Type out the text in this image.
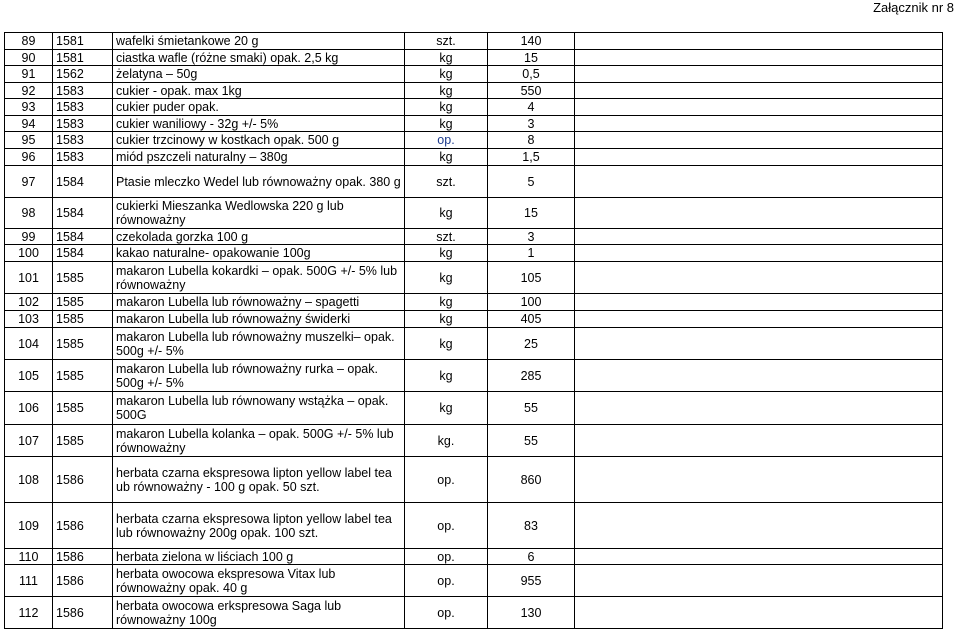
Załącznik nr 8
89	1581	wafelki śmietankowe 20 g	szt.	140	
90	1581	ciastka wafle (różne smaki) opak. 2,5 kg	kg	15	
91	1562	żelatyna – 50g	kg	0,5	
92	1583	cukier - opak. max 1kg	kg	550	
93	1583	cukier puder opak.	kg	4	
94	1583	cukier waniliowy - 32g +/- 5%	kg	3	
95	1583	cukier trzcinowy w kostkach opak. 500 g	op.	8	
96	1583	miód pszczeli naturalny – 380g	kg	1,5	
97	1584	Ptasie mleczko Wedel lub równoważny opak. 380 g	szt.	5	
98	1584	cukierki Mieszanka Wedlowska 220 g lub równoważny	kg	15	
99	1584	czekolada gorzka 100 g	szt.	3	
100	1584	kakao naturalne- opakowanie 100g	kg	1	
101	1585	makaron Lubella kokardki – opak. 500G +/- 5% lub równoważny	kg	105	
102	1585	makaron Lubella lub równoważny – spagetti	kg	100	
103	1585	makaron Lubella lub równoważny świderki	kg	405	
104	1585	makaron Lubella lub równoważny muszelki– opak. 500g +/- 5%	kg	25	
105	1585	makaron Lubella lub równoważny rurka – opak. 500g +/- 5%	kg	285	
106	1585	makaron Lubella lub równowany wstążka – opak. 500G	kg	55	
107	1585	makaron Lubella kolanka – opak. 500G +/- 5% lub równoważny	kg.	55	
108	1586	herbata czarna ekspresowa lipton yellow label tea ub równoważny - 100 g opak. 50 szt.	op.	860	
109	1586	herbata czarna ekspresowa lipton yellow label tea lub równoważny 200g opak. 100 szt.	op.	83	
110	1586	herbata zielona w liściach 100 g	op.	6	
111	1586	herbata owocowa ekspresowa Vitax lub równoważny opak. 40 g	op.	955	
112	1586	herbata owocowa erkspresowa Saga lub równoważny 100g	op.	130	
